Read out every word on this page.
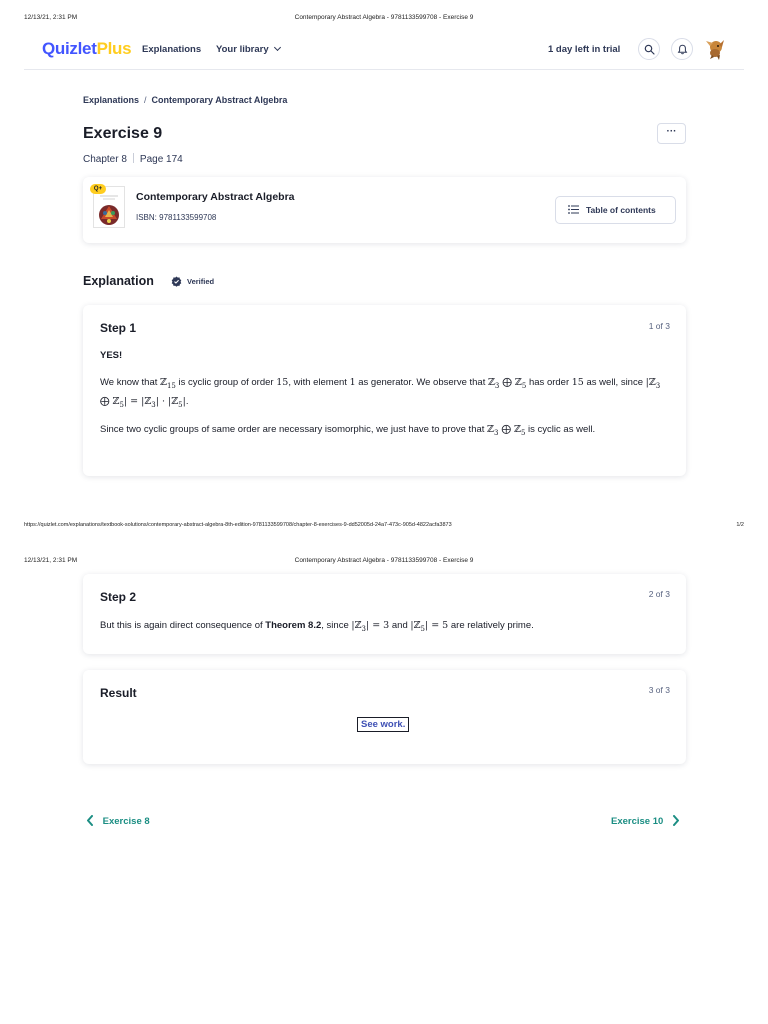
12/13/21, 2:31 PM	Contemporary Abstract Algebra - 9781133599708 - Exercise 9
QuizletPlus Explanations Your library	1 day left in trial
Explanations / Contemporary Abstract Algebra
Exercise 9
Chapter 8 Page 174
···
Q+
Contemporary Abstract Algebra
ISBN: 9781133599708
Table of contents
Explanation	Verified
Step 1	1 of 3

YES!

We know that ℤ$_{15}$ is cyclic group of order 15, with element 1 as generator. We observe that ℤ$_3$ ⨁ ℤ$_5$ has order 15 as well, since |ℤ$_3$ ⨁ ℤ$_5$| = |ℤ$_3$| · |ℤ$_5$|.

Since two cyclic groups of same order are necessary isomorphic, we just have to prove that ℤ$_3$ ⨁ ℤ$_5$ is cyclic as well.

https://quizlet.com/explanations/textbook-solutions/contemporary-abstract-algebra-8th-edition-9781133599708/chapter-8-exercises-9-dd52005d-24a7-473c-905d-4822acfa3873	1/2
12/13/21, 2:31 PM	Contemporary Abstract Algebra - 9781133599708 - Exercise 9
Step 2	2 of 3

But this is again direct consequence of Theorem 8.2, since |ℤ$_3$| = 3 and |ℤ$_5$| = 5 are relatively prime.

Result	3 of 3
See work.
Exercise 8	Exercise 10
